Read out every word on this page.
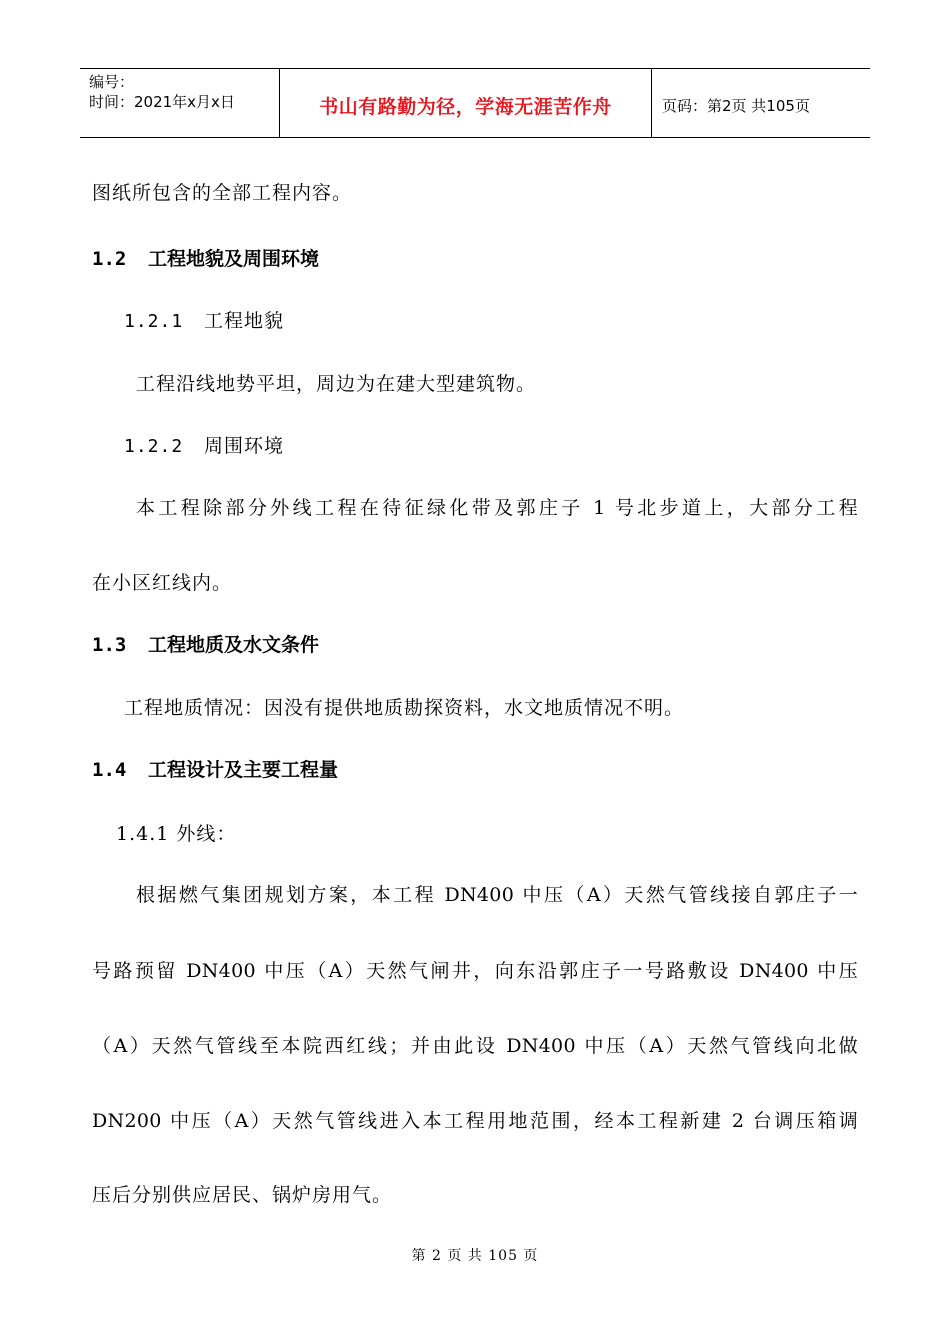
编号：
时间：2021年x月x日	书山有路勤为径，学海无涯苦作舟	页码：第2页 共105页
图纸所包含的全部工程内容。
1.2 工程地貌及周围环境
1.2.1 工程地貌
工程沿线地势平坦，周边为在建大型建筑物。
1.2.2 周围环境
本工程除部分外线工程在待征绿化带及郭庄子 1 号北步道上，大部分工程
在小区红线内。
1.3 工程地质及水文条件
工程地质情况：因没有提供地质勘探资料，水文地质情况不明。
1.4 工程设计及主要工程量
1.4.1 外线：
根据燃气集团规划方案，本工程 DN400 中压（A）天然气管线接自郭庄子一
号路预留 DN400 中压（A）天然气闸井，向东沿郭庄子一号路敷设 DN400 中压
（A）天然气管线至本院西红线；并由此设 DN400 中压（A）天然气管线向北做
DN200 中压（A）天然气管线进入本工程用地范围，经本工程新建 2 台调压箱调
压后分别供应居民、锅炉房用气。
第 2 页 共 105 页
